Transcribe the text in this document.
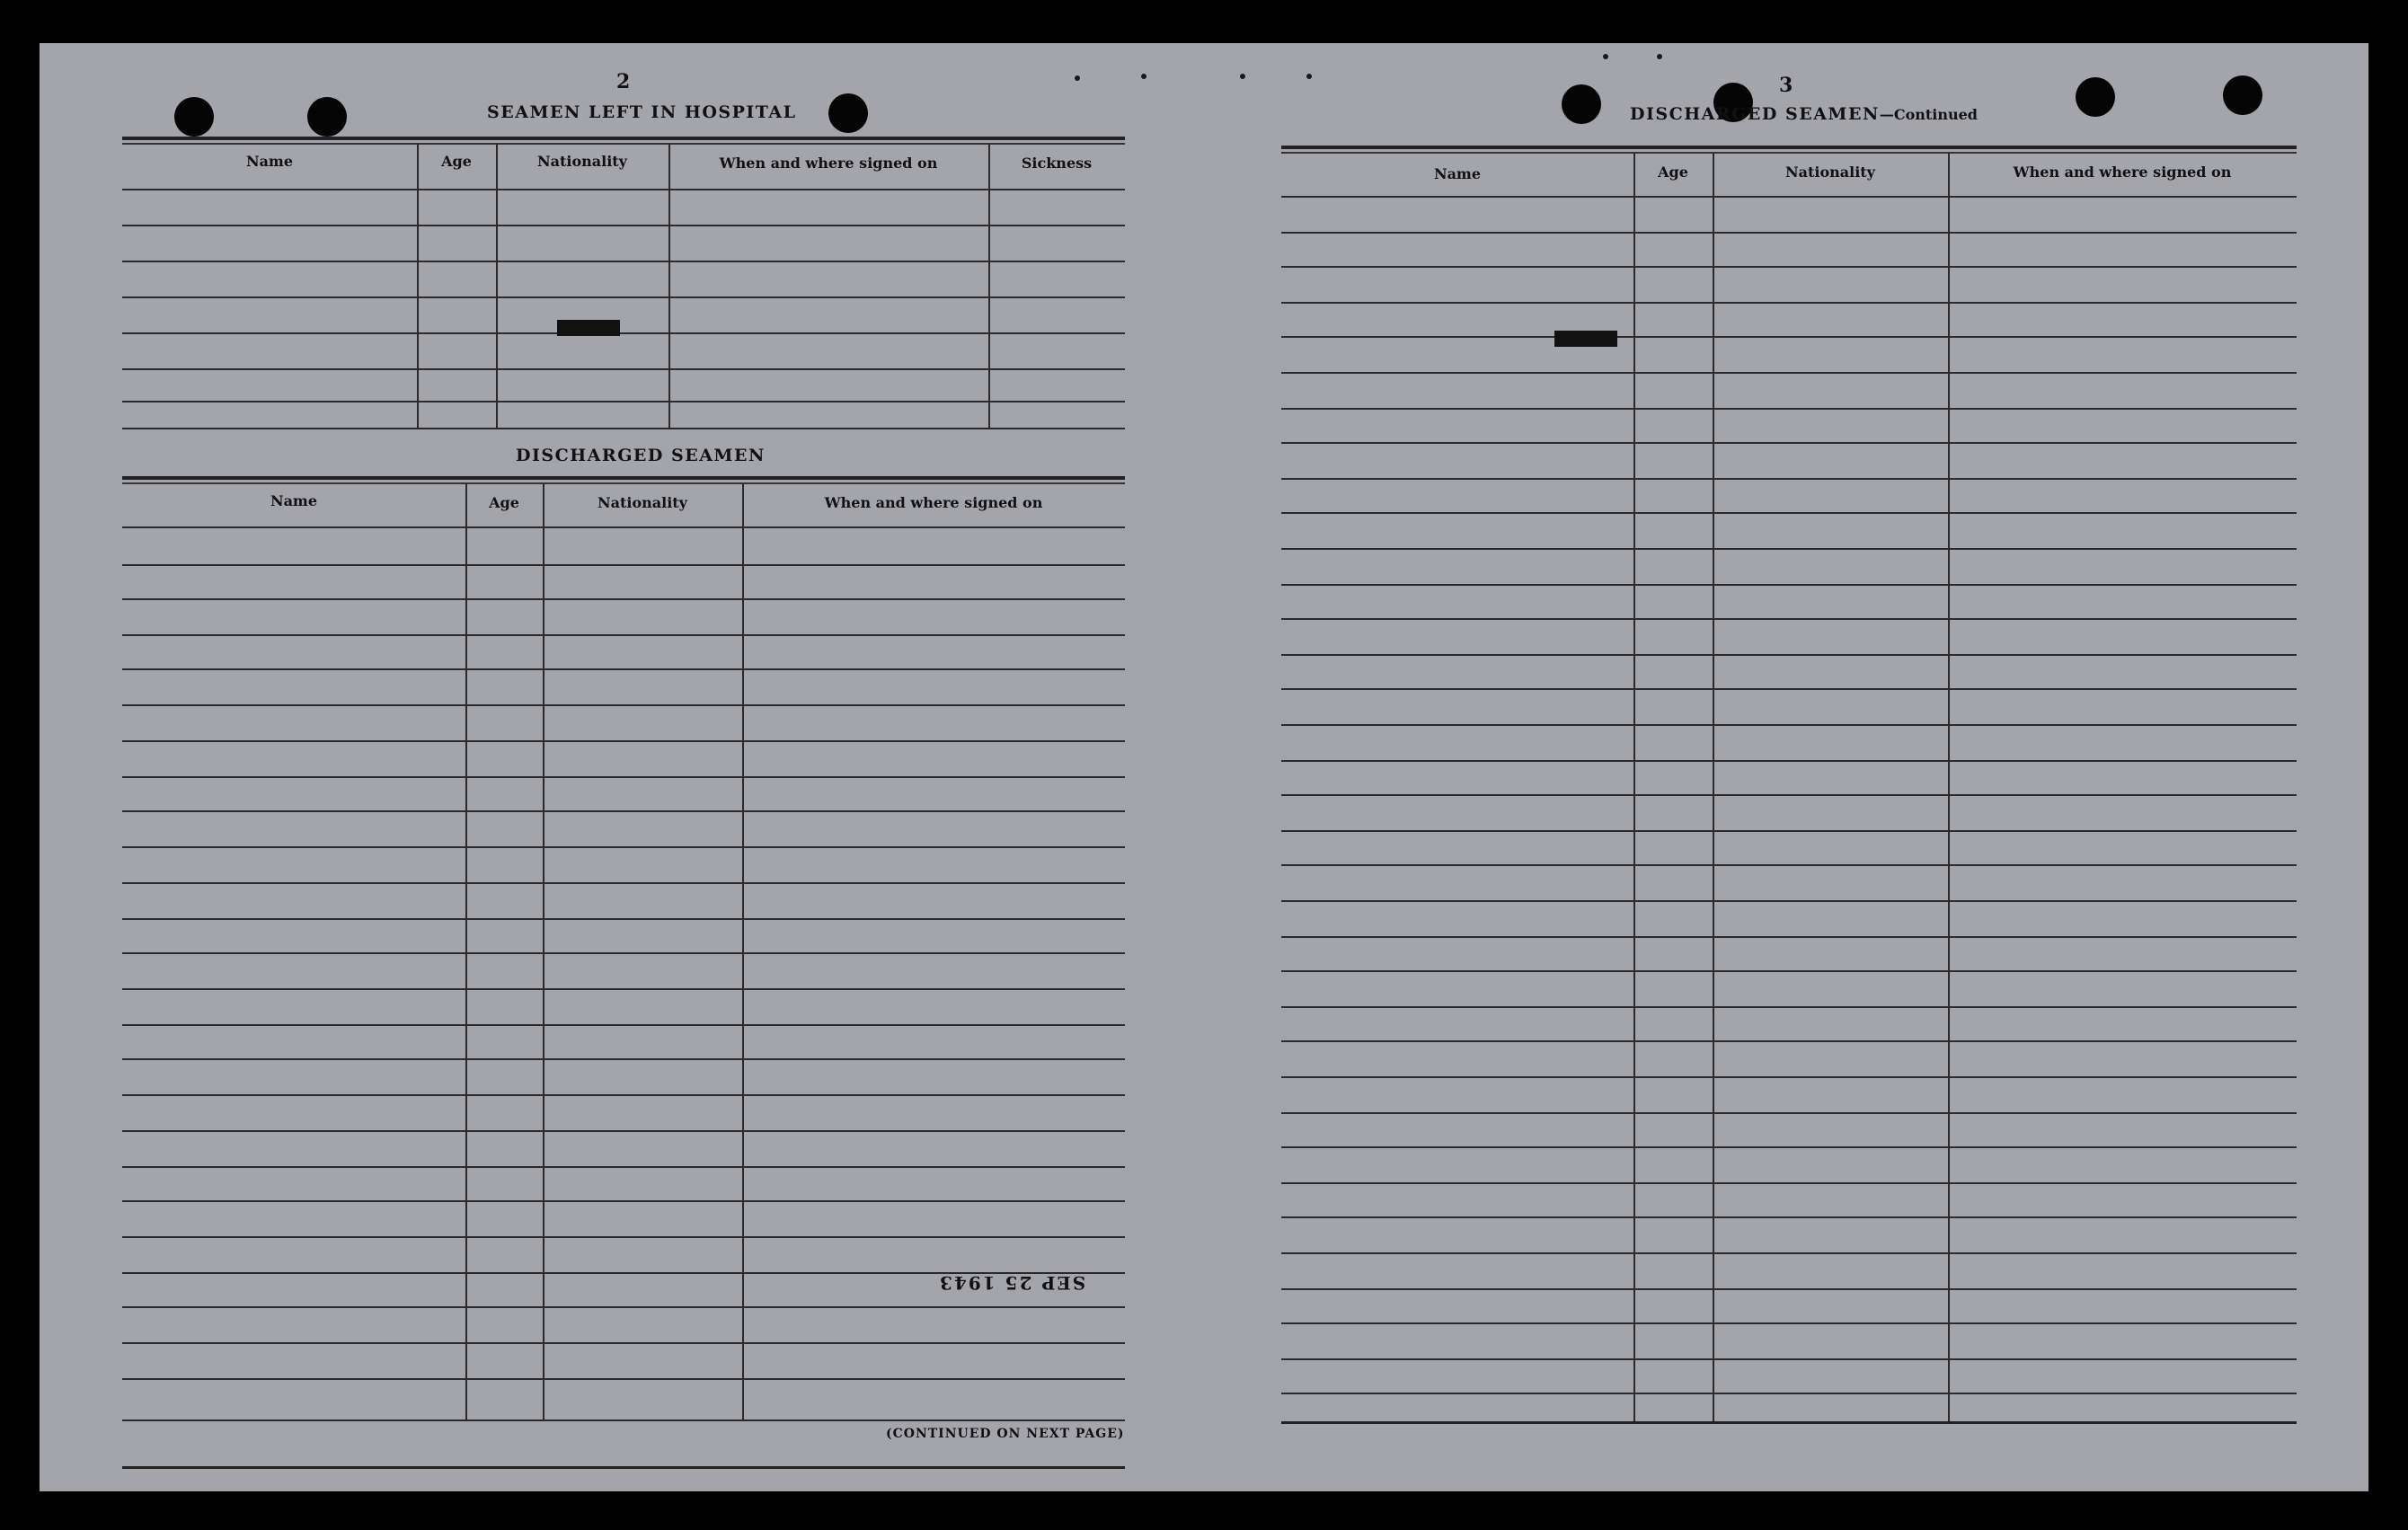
2
SEAMEN LEFT IN HOSPITAL
Name	Age	Nationality	When and where signed on	Sickness
NONE
DISCHARGED SEAMEN
Name	Age	Nationality	When and where signed on
SEP 25 1943
(CONTINUED ON NEXT PAGE)
3
DISCHARGED SEAMEN—Continued
Name	Age	Nationality	When and where signed on
NONE
